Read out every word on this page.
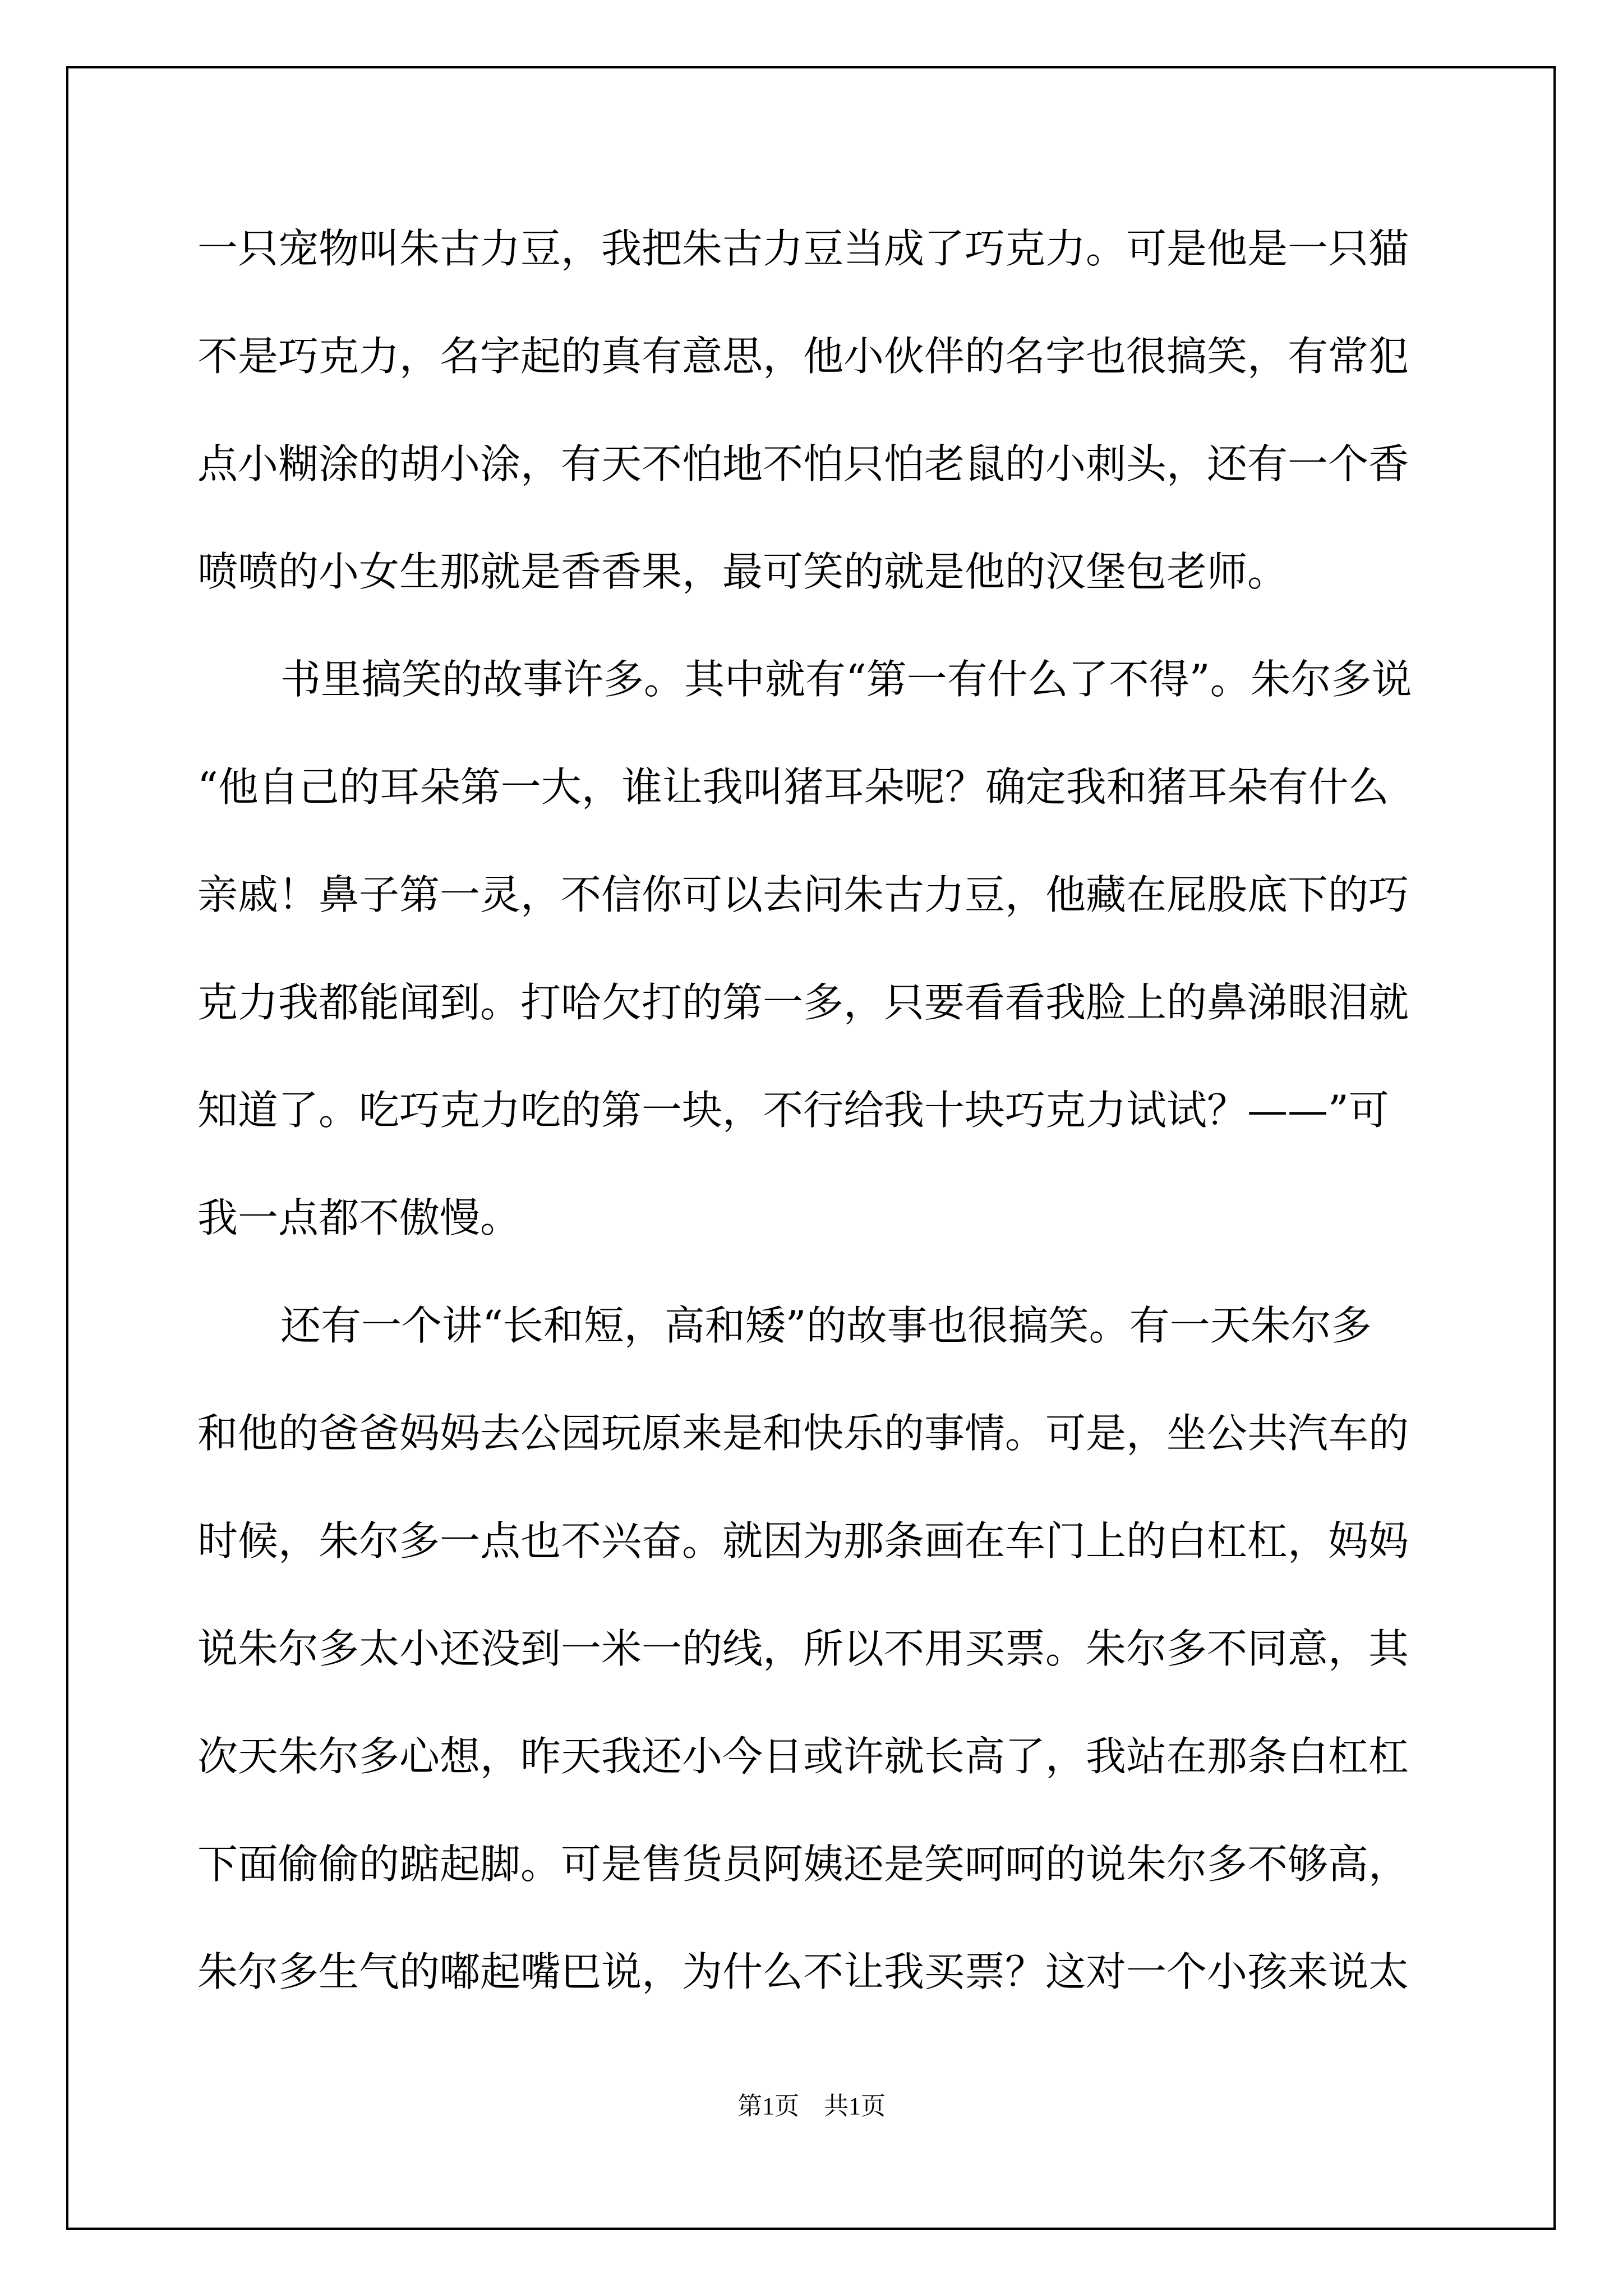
一只宠物叫朱古力豆，我把朱古力豆当成了巧克力。可是他是一只猫
不是巧克力，名字起的真有意思，他小伙伴的名字也很搞笑，有常犯
点小糊涂的胡小涂，有天不怕地不怕只怕老鼠的小刺头，还有一个香
喷喷的小女生那就是香香果，最可笑的就是他的汉堡包老师。
书里搞笑的故事许多。其中就有“第一有什么了不得”。朱尔多说
“他自己的耳朵第一大，谁让我叫猪耳朵呢？确定我和猪耳朵有什么
亲戚！鼻子第一灵，不信你可以去问朱古力豆，他藏在屁股底下的巧
克力我都能闻到。打哈欠打的第一多，只要看看我脸上的鼻涕眼泪就
知道了。吃巧克力吃的第一块，不行给我十块巧克力试试？——”可
我一点都不傲慢。
还有一个讲“长和短，高和矮”的故事也很搞笑。有一天朱尔多
和他的爸爸妈妈去公园玩原来是和快乐的事情。可是，坐公共汽车的
时候，朱尔多一点也不兴奋。就因为那条画在车门上的白杠杠，妈妈
说朱尔多太小还没到一米一的线，所以不用买票。朱尔多不同意，其
次天朱尔多心想，昨天我还小今日或许就长高了，我站在那条白杠杠
下面偷偷的踮起脚。可是售货员阿姨还是笑呵呵的说朱尔多不够高，
朱尔多生气的嘟起嘴巴说，为什么不让我买票？这对一个小孩来说太
第1页　共1页
